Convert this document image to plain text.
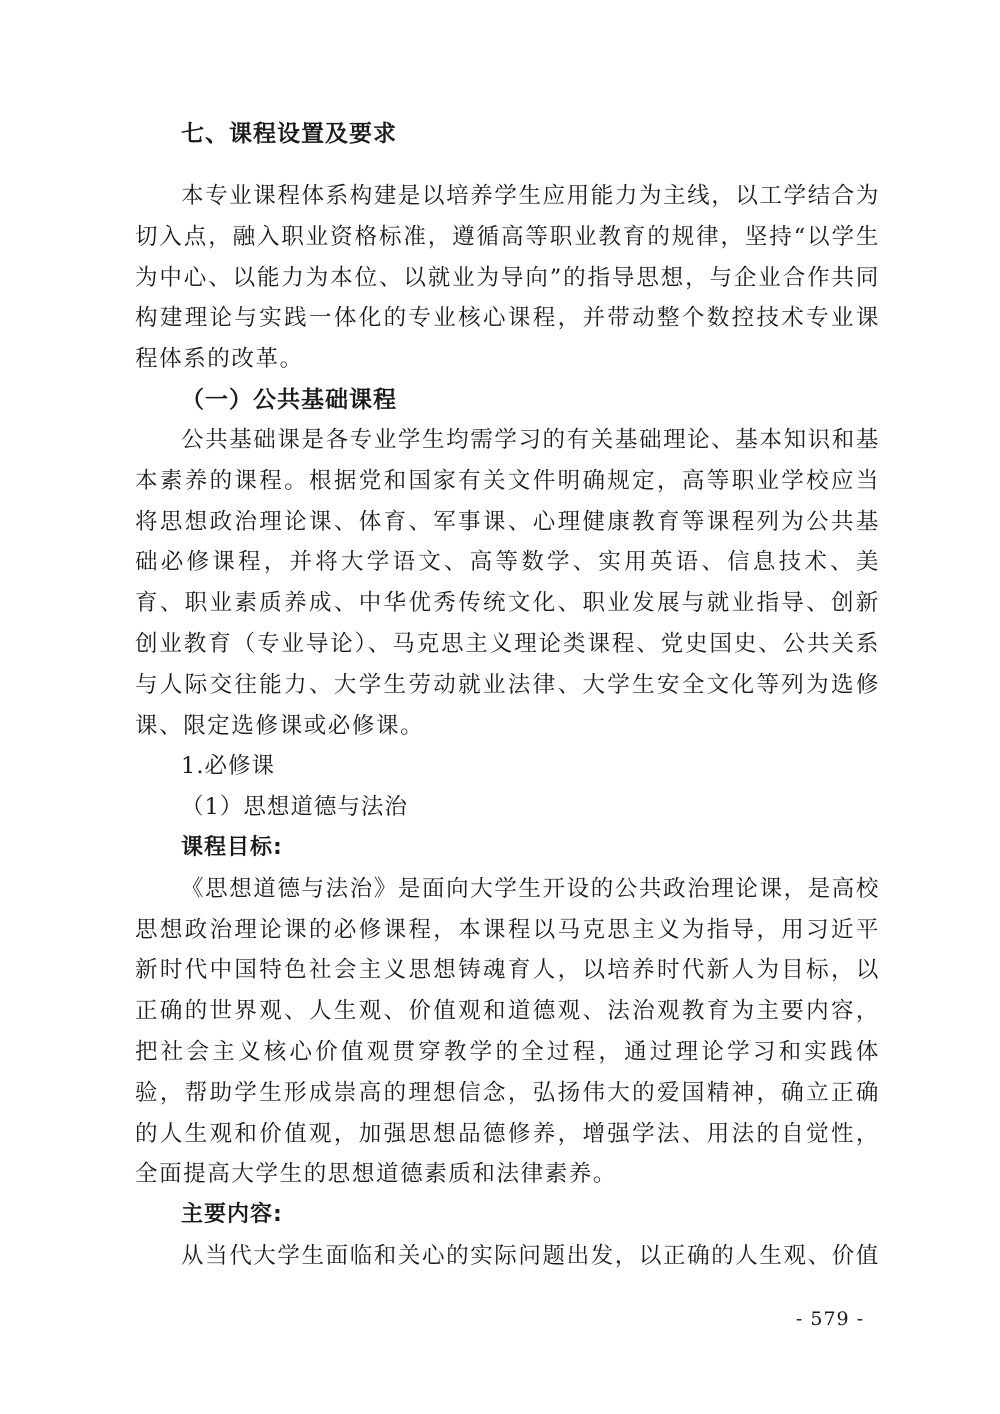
七、课程设置及要求

本专业课程体系构建是以培养学生应用能力为主线，以工学结合为切入点，融入职业资格标准，遵循高等职业教育的规律，坚持“以学生为中心、以能力为本位、以就业为导向”的指导思想，与企业合作共同构建理论与实践一体化的专业核心课程，并带动整个数控技术专业课程体系的改革。

（一）公共基础课程

公共基础课是各专业学生均需学习的有关基础理论、基本知识和基本素养的课程。根据党和国家有关文件明确规定，高等职业学校应当将思想政治理论课、体育、军事课、心理健康教育等课程列为公共基础必修课程，并将大学语文、高等数学、实用英语、信息技术、美育、职业素质养成、中华优秀传统文化、职业发展与就业指导、创新创业教育（专业导论）、马克思主义理论类课程、党史国史、公共关系与人际交往能力、大学生劳动就业法律、大学生安全文化等列为选修课、限定选修课或必修课。

1.必修课

（1）思想道德与法治

课程目标:

《思想道德与法治》是面向大学生开设的公共政治理论课，是高校思想政治理论课的必修课程，本课程以马克思主义为指导，用习近平新时代中国特色社会主义思想铸魂育人，以培养时代新人为目标，以正确的世界观、人生观、价值观和道德观、法治观教育为主要内容，把社会主义核心价值观贯穿教学的全过程，通过理论学习和实践体验，帮助学生形成崇高的理想信念，弘扬伟大的爱国精神，确立正确的人生观和价值观，加强思想品德修养，增强学法、用法的自觉性，全面提高大学生的思想道德素质和法律素养。

主要内容:

从当代大学生面临和关心的实际问题出发，以正确的人生观、价值

- 579 -
